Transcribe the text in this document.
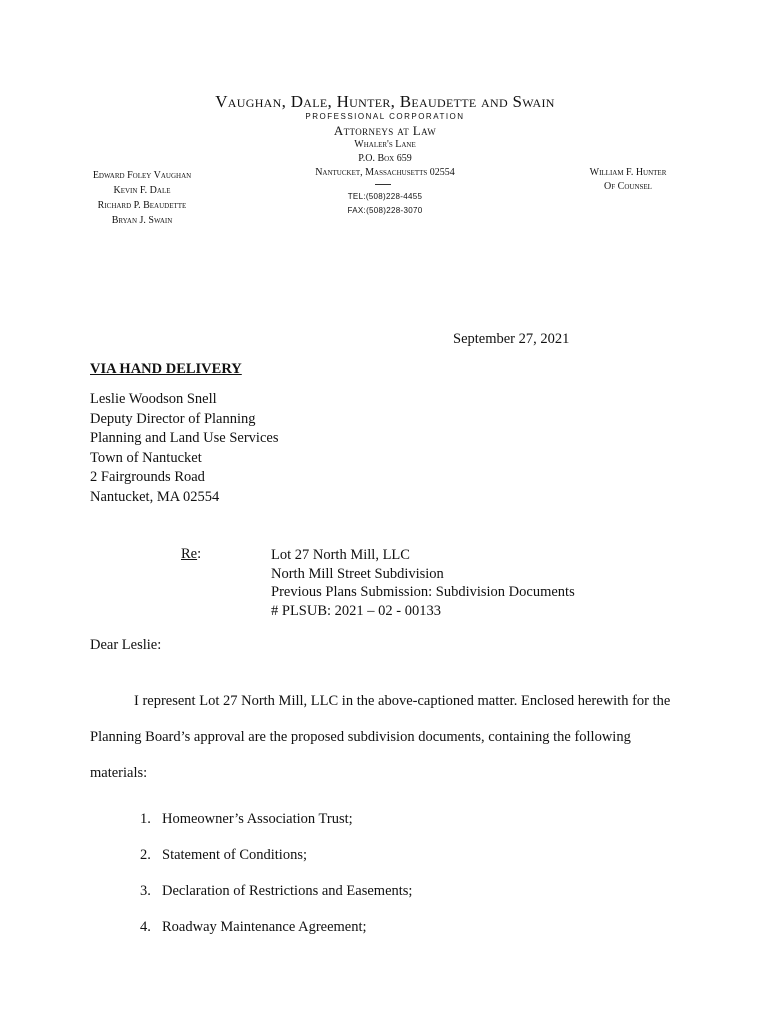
Vaughan, Dale, Hunter, Beaudette and Swain
PROFESSIONAL CORPORATION
Attorneys at Law
Whaler's Lane
P.O. Box 659
Nantucket, Massachusetts 02554
TEL:(508)228-4455
FAX:(508)228-3070
Edward Foley Vaughan
Kevin F. Dale
Richard P. Beaudette
Bryan J. Swain
William F. Hunter
Of Counsel
September 27, 2021
VIA HAND DELIVERY
Leslie Woodson Snell
Deputy Director of Planning
Planning and Land Use Services
Town of Nantucket
2 Fairgrounds Road
Nantucket, MA 02554
Re:	Lot 27 North Mill, LLC
North Mill Street Subdivision
Previous Plans Submission: Subdivision Documents
# PLSUB: 2021 – 02 - 00133
Dear Leslie:
I represent Lot 27 North Mill, LLC in the above-captioned matter. Enclosed herewith for the Planning Board’s approval are the proposed subdivision documents, containing the following materials:
1. Homeowner’s Association Trust;
2. Statement of Conditions;
3. Declaration of Restrictions and Easements;
4. Roadway Maintenance Agreement;
